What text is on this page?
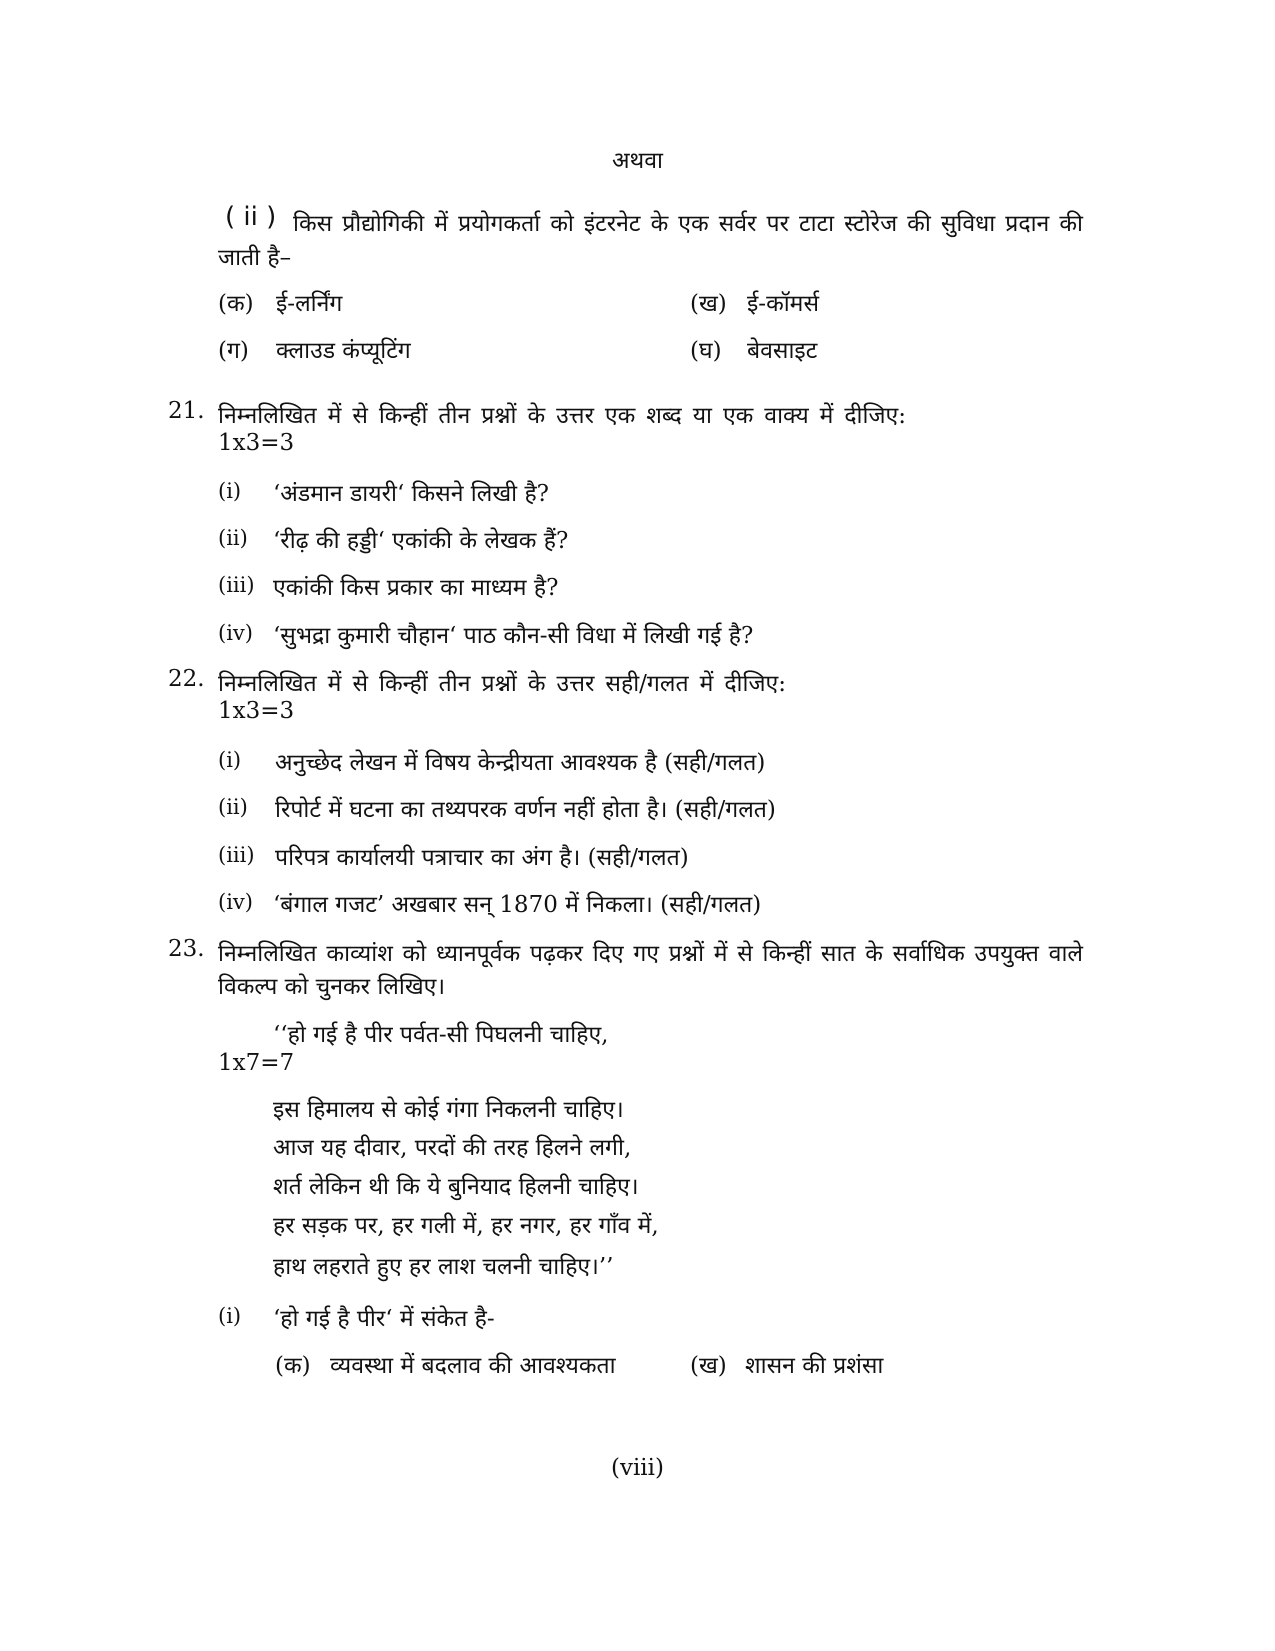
अथवा
( ii ) किस प्रौद्योगिकी में प्रयोगकर्ता को इंटरनेट के एक सर्वर पर टाटा स्टोरेज की सुविधा प्रदान की
जाती है–
(क) ई-लर्निंग	(ख) ई-कॉमर्स
(ग) क्लाउड कंप्यूटिंग	(घ) बेवसाइट
21. निम्नलिखित में से किन्हीं तीन प्रश्नों के उत्तर एक शब्द या एक वाक्य में दीजिए:
1x3=3
(i) ‘अंडमान डायरी‘ किसने लिखी है?
(ii) ‘रीढ़ की हड्डी‘ एकांकी के लेखक हैं?
(iii) एकांकी किस प्रकार का माध्यम है?
(iv) ‘सुभद्रा कुमारी चौहान‘ पाठ कौन-सी विधा में लिखी गई है?
22. निम्नलिखित में से किन्हीं तीन प्रश्नों के उत्तर सही/गलत में दीजिए:
1x3=3
(i) अनुच्छेद लेखन में विषय केन्द्रीयता आवश्यक है (सही/गलत)
(ii) रिपोर्ट में घटना का तथ्यपरक वर्णन नहीं होता है। (सही/गलत)
(iii) परिपत्र कार्यालयी पत्राचार का अंग है। (सही/गलत)
(iv) ‘बंगाल गजट’ अखबार सन् 1870 में निकला। (सही/गलत)
23. निम्नलिखित काव्यांश को ध्यानपूर्वक पढ़कर दिए गए प्रश्नों में से किन्हीं सात के सर्वाधिक उपयुक्त वाले
विकल्प को चुनकर लिखिए।
‘‘हो गई है पीर पर्वत-सी पिघलनी चाहिए,
1x7=7
इस हिमालय से कोई गंगा निकलनी चाहिए।
आज यह दीवार, परदों की तरह हिलने लगी,
शर्त लेकिन थी कि ये बुनियाद हिलनी चाहिए।
हर सड़क पर, हर गली में, हर नगर, हर गाँव में,
हाथ लहराते हुए हर लाश चलनी चाहिए।’’
(i) ‘हो गई है पीर‘ में संकेत है-
(क) व्यवस्था में बदलाव की आवश्यकता	(ख) शासन की प्रशंसा
(viii)
